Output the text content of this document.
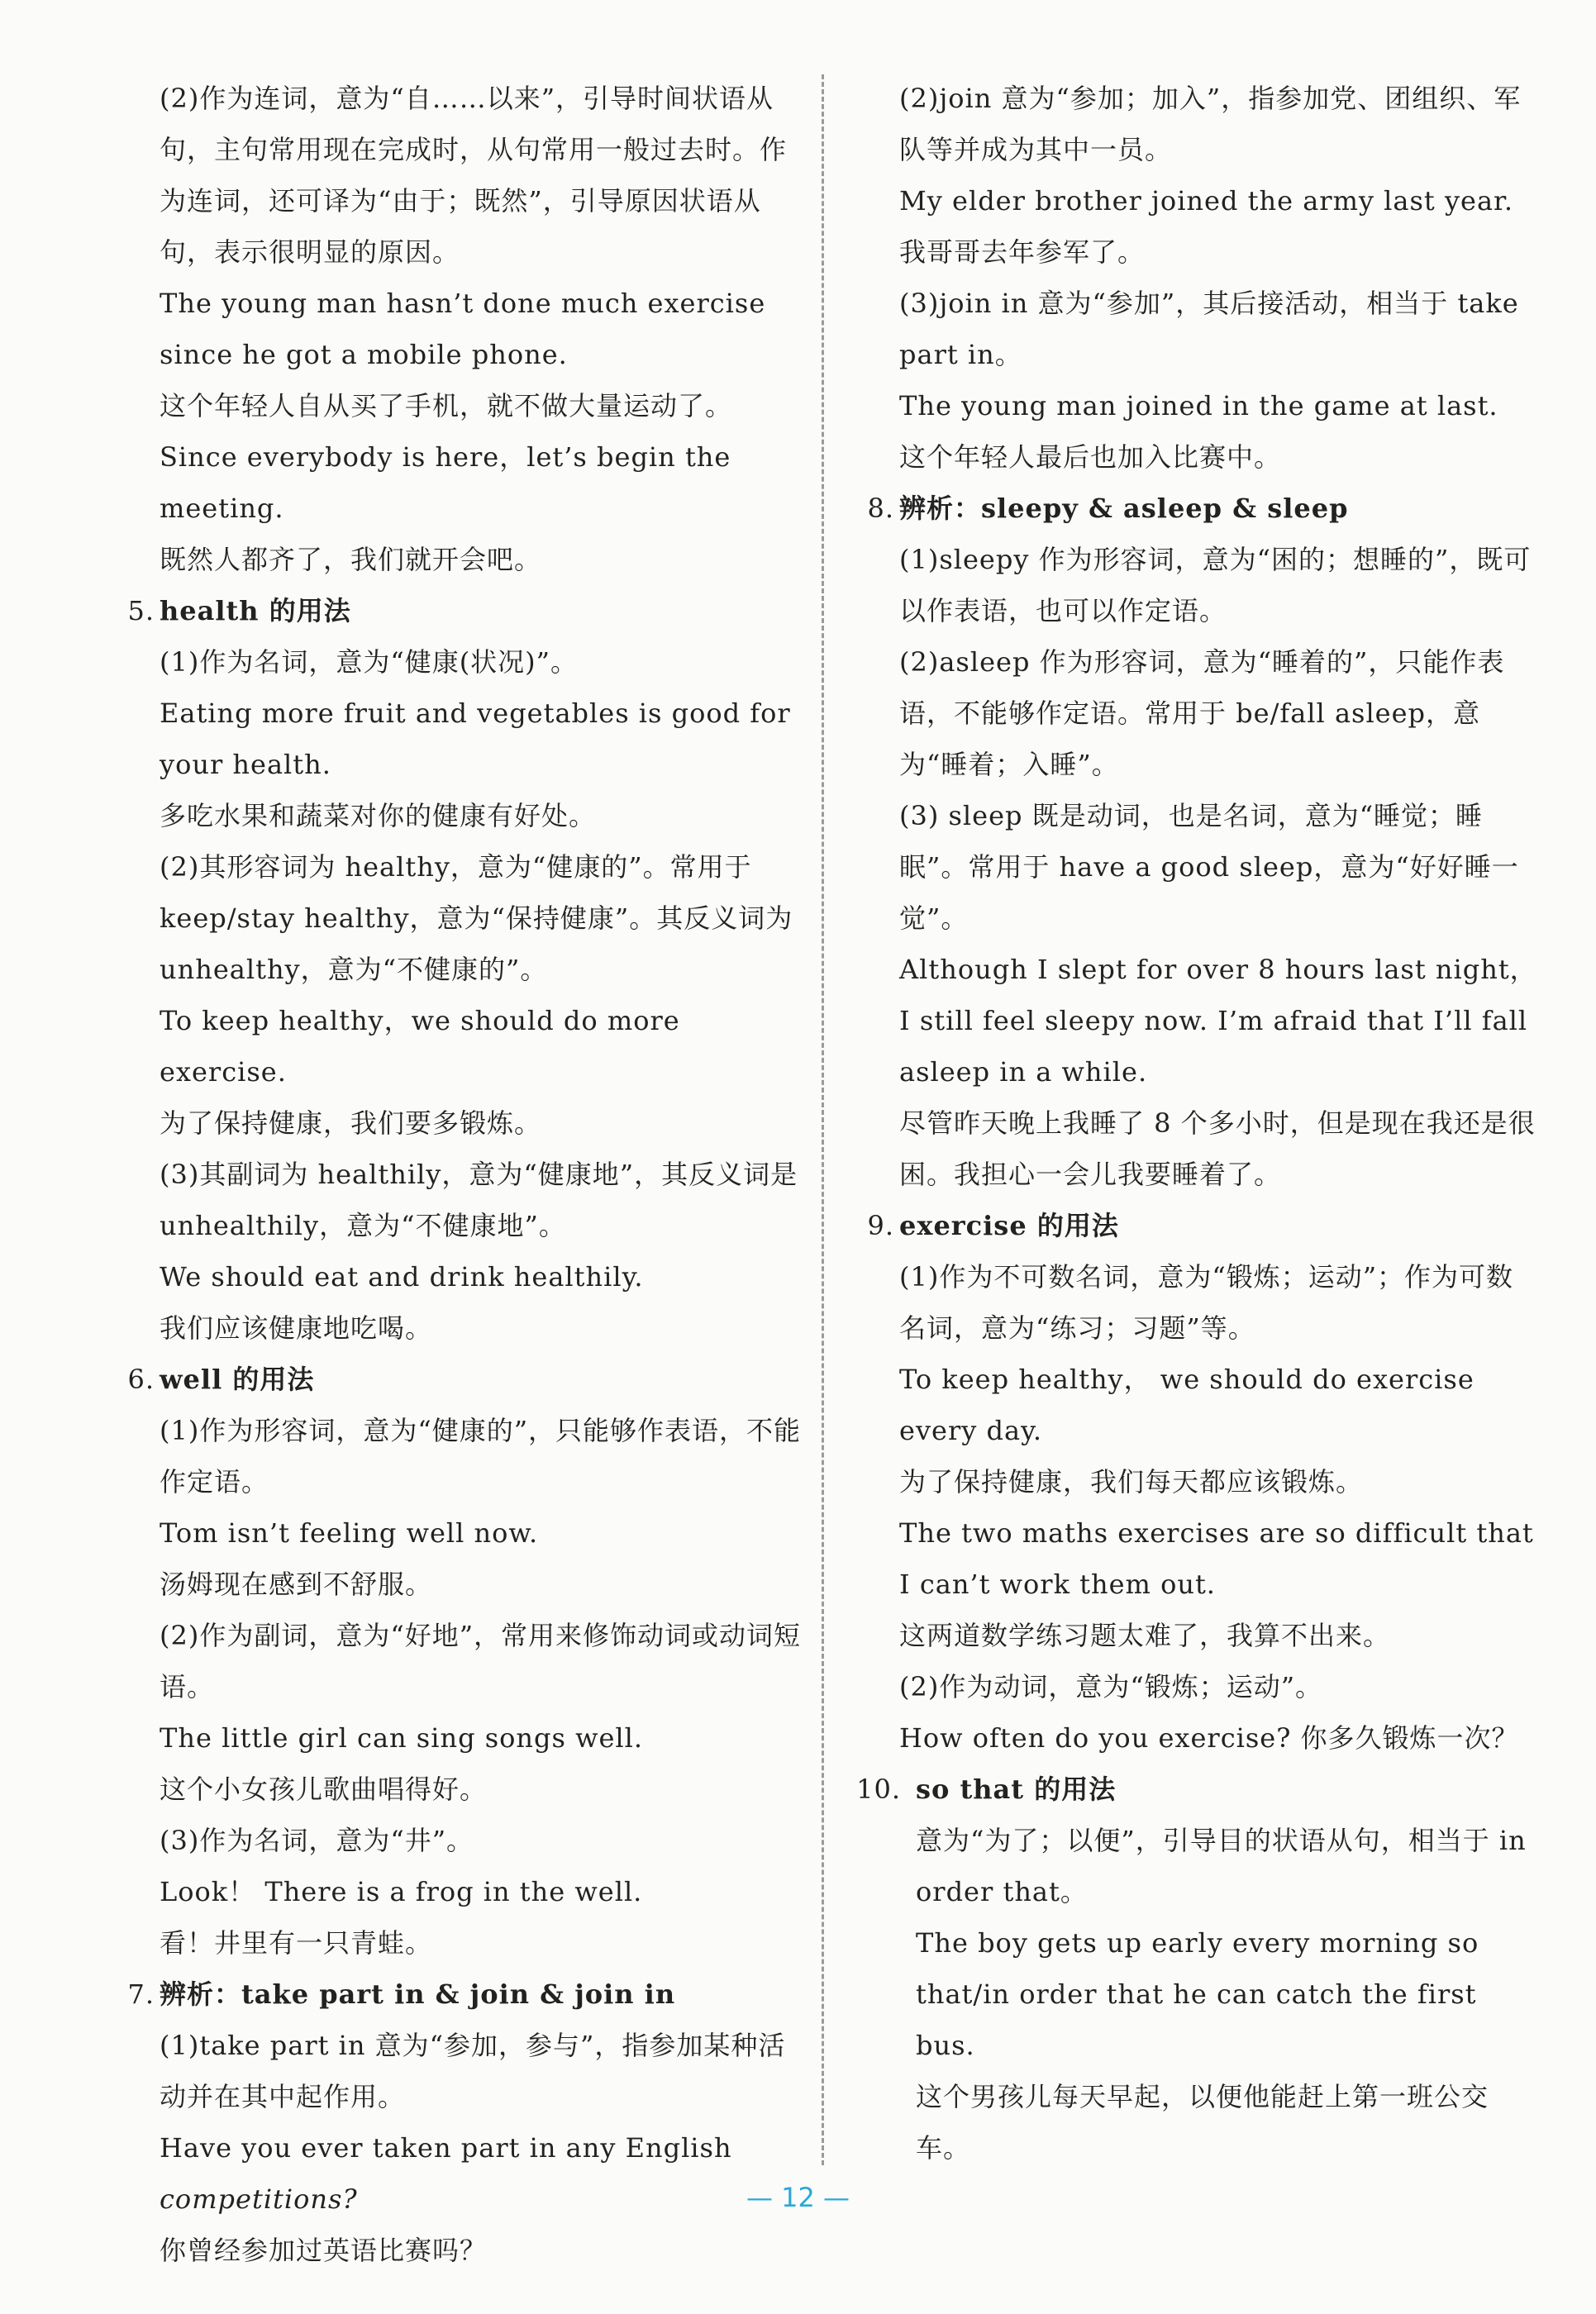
(2)作为连词，意为“自……以来”，引导时间状语从句，主句常用现在完成时，从句常用一般过去时。作为连词，还可译为“由于；既然”，引导原因状语从句，表示很明显的原因。

The young man hasn’t done much exercise since he got a mobile phone.

这个年轻人自从买了手机，就不做大量运动了。

Since everybody is here，let’s begin the meeting.

既然人都齐了，我们就开会吧。

5. health 的用法

(1)作为名词，意为“健康(状况)”。

Eating more fruit and vegetables is good for your health.

多吃水果和蔬菜对你的健康有好处。

(2)其形容词为 healthy，意为“健康的”。常用于 keep/stay healthy，意为“保持健康”。其反义词为 unhealthy，意为“不健康的”。

To keep healthy，we should do more exercise.

为了保持健康，我们要多锻炼。

(3)其副词为 healthily，意为“健康地”，其反义词是 unhealthily，意为“不健康地”。

We should eat and drink healthily.

我们应该健康地吃喝。

6. well 的用法

(1)作为形容词，意为“健康的”，只能够作表语，不能作定语。

Tom isn’t feeling well now.

汤姆现在感到不舒服。

(2)作为副词，意为“好地”，常用来修饰动词或动词短语。

The little girl can sing songs well.

这个小女孩儿歌曲唱得好。

(3)作为名词，意为“井”。

Look！ There is a frog in the well.

看！井里有一只青蛙。

7. 辨析：take part in & join & join in

(1)take part in 意为“参加，参与”，指参加某种活动并在其中起作用。

Have you ever taken part in any English

competitions?

你曾经参加过英语比赛吗？

(2)join 意为“参加；加入”，指参加党、团组织、军队等并成为其中一员。

My elder brother joined the army last year.

我哥哥去年参军了。

(3)join in 意为“参加”，其后接活动，相当于 take part in。

The young man joined in the game at last.

这个年轻人最后也加入比赛中。

8. 辨析：sleepy & asleep & sleep

(1)sleepy 作为形容词，意为“困的；想睡的”，既可以作表语，也可以作定语。

(2)asleep 作为形容词，意为“睡着的”，只能作表语，不能够作定语。常用于 be/fall asleep，意为“睡着；入睡”。

(3) sleep 既是动词，也是名词，意为“睡觉；睡眠”。常用于 have a good sleep，意为“好好睡一觉”。

Although I slept for over 8 hours last night，I still feel sleepy now. I’m afraid that I’ll fall asleep in a while.

尽管昨天晚上我睡了 8 个多小时，但是现在我还是很困。我担心一会儿我要睡着了。

9. exercise 的用法

(1)作为不可数名词，意为“锻炼；运动”；作为可数名词，意为“练习；习题”等。

To keep healthy， we should do exercise every day.

为了保持健康，我们每天都应该锻炼。

The two maths exercises are so difficult that I can’t work them out.

这两道数学练习题太难了，我算不出来。

(2)作为动词，意为“锻炼；运动”。

How often do you exercise? 你多久锻炼一次？

10. so that 的用法

意为“为了；以便”，引导目的状语从句，相当于 in order that。

The boy gets up early every morning so that/in order that he can catch the first bus.

这个男孩儿每天早起，以便他能赶上第一班公交车。

— 12 —
